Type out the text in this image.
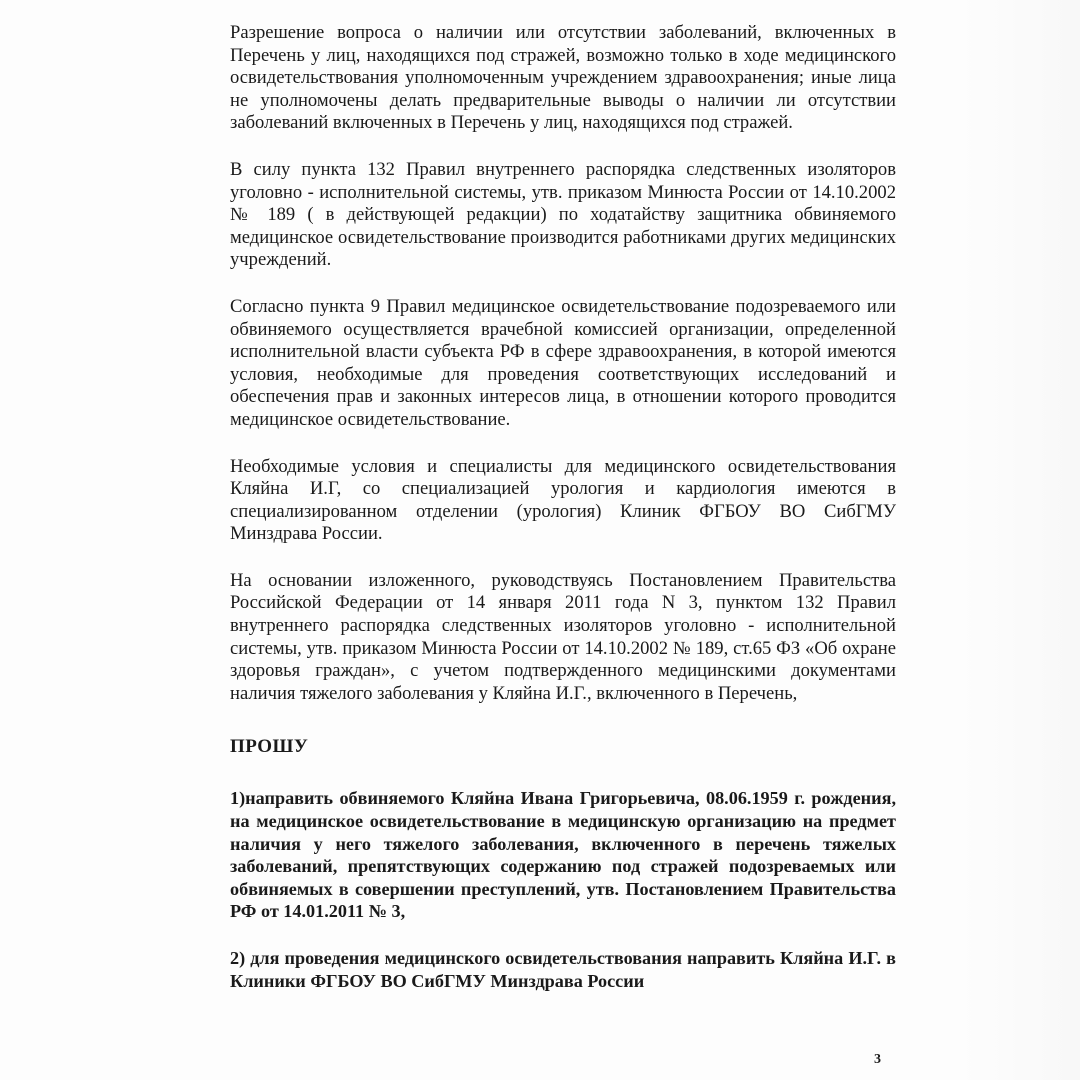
Разрешение вопроса о наличии или отсутствии заболеваний, включенных в Перечень у лиц, находящихся под стражей, возможно только в ходе медицинского освидетельствования уполномоченным учреждением здравоохранения; иные лица не уполномочены делать предварительные выводы о наличии ли отсутствии заболеваний включенных в Перечень у лиц, находящихся под стражей.

В силу пункта 132 Правил внутреннего распорядка следственных изоляторов уголовно - исполнительной системы, утв. приказом Минюста России от 14.10.2002 № 189 ( в действующей редакции) по ходатайству защитника обвиняемого медицинское освидетельствование производится работниками других медицинских учреждений.

Согласно пункта 9 Правил медицинское освидетельствование подозреваемого или обвиняемого осуществляется врачебной комиссией организации, определенной исполнительной власти субъекта РФ в сфере здравоохранения, в которой имеются условия, необходимые для проведения соответствующих исследований и обеспечения прав и законных интересов лица, в отношении которого проводится медицинское освидетельствование.

Необходимые условия и специалисты для медицинского освидетельствования Кляйна И.Г, со специализацией урология и кардиология имеются в специализированном отделении (урология) Клиник ФГБОУ ВО СибГМУ Минздрава России.

На основании изложенного, руководствуясь Постановлением Правительства Российской Федерации от 14 января 2011 года N 3, пунктом 132 Правил внутреннего распорядка следственных изоляторов уголовно - исполнительной системы, утв. приказом Минюста России от 14.10.2002 № 189, ст.65 ФЗ «Об охране здоровья граждан», с учетом подтвержденного медицинскими документами наличия тяжелого заболевания у Кляйна И.Г., включенного в Перечень,

ПРОШУ

1)направить обвиняемого Кляйна Ивана Григорьевича, 08.06.1959 г. рождения, на медицинское освидетельствование в медицинскую организацию на предмет наличия у него тяжелого заболевания, включенного в перечень тяжелых заболеваний, препятствующих содержанию под стражей подозреваемых или обвиняемых в совершении преступлений, утв. Постановлением Правительства РФ от 14.01.2011 № 3,

2) для проведения медицинского освидетельствования направить Кляйна И.Г. в Клиники ФГБОУ ВО СибГМУ Минздрава России

3
